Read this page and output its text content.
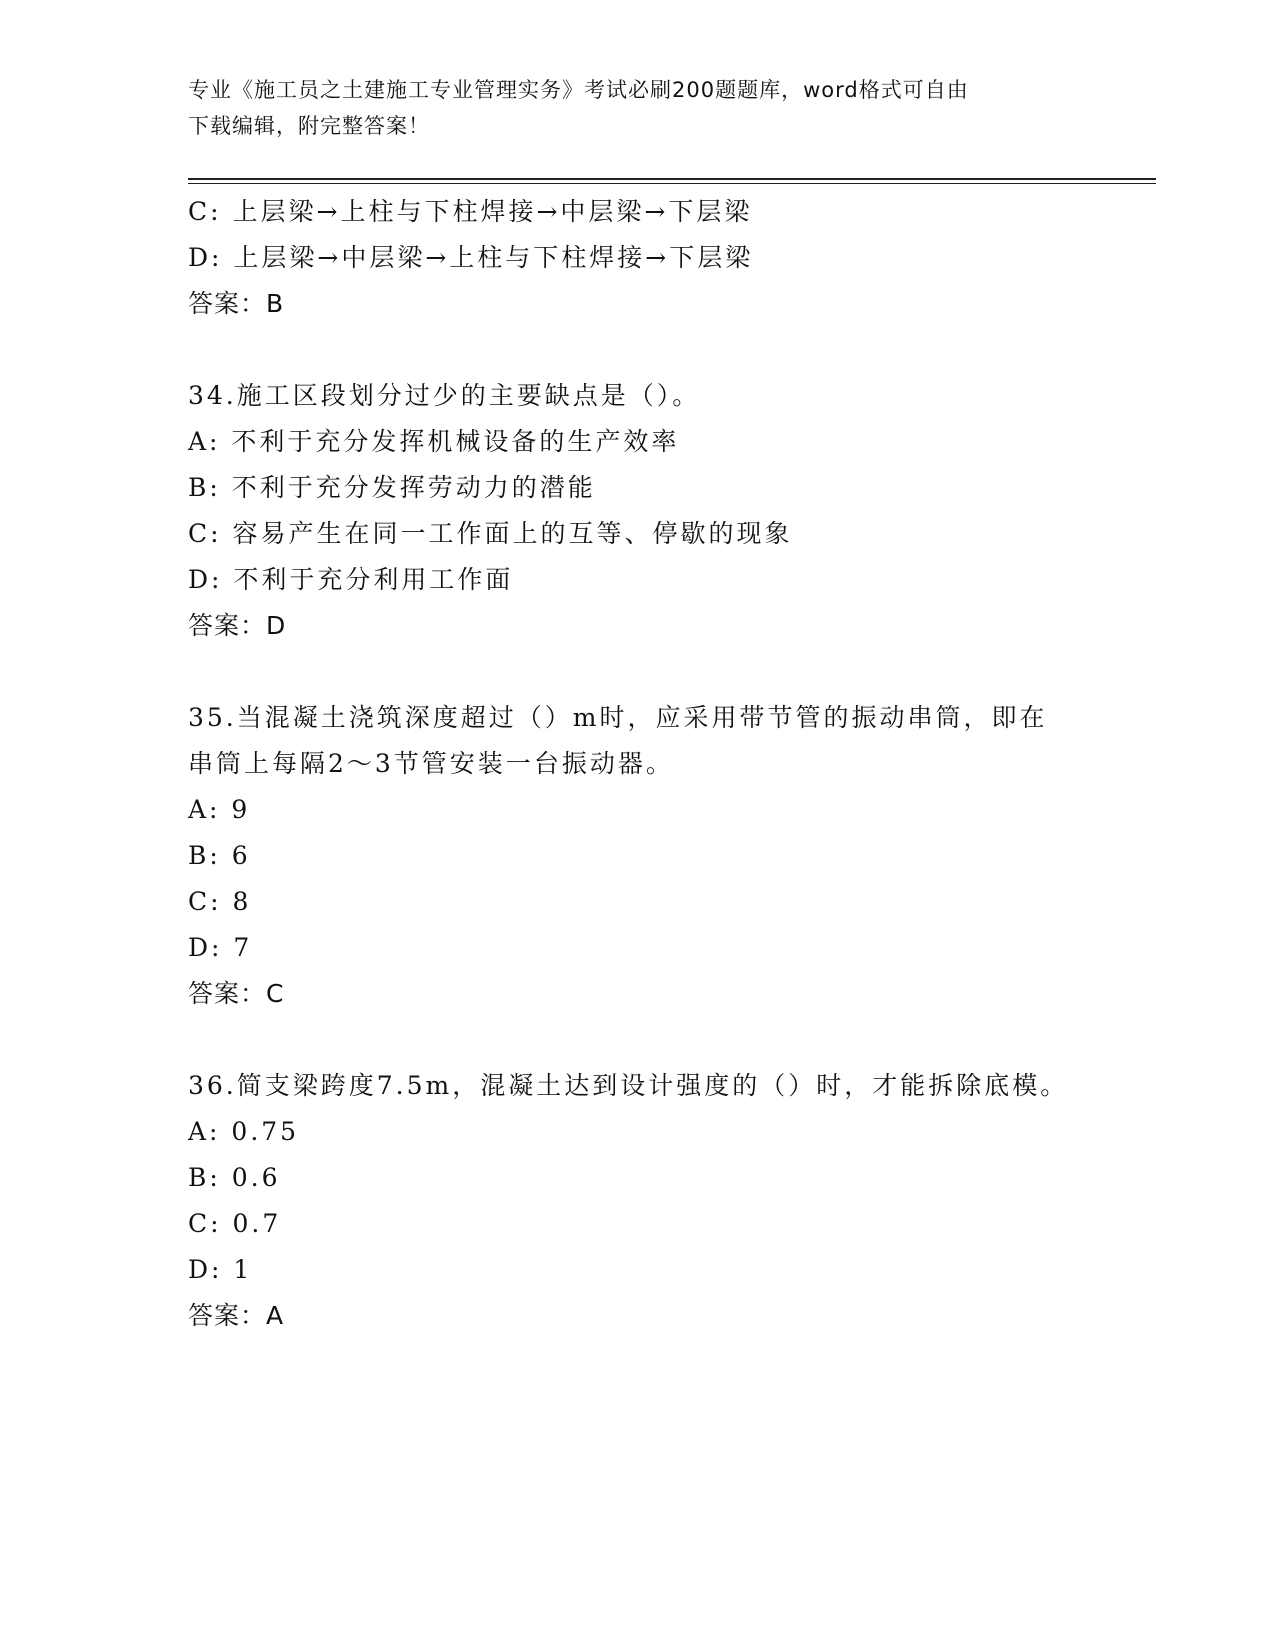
专业《施工员之土建施工专业管理实务》考试必刷200题题库，word格式可自由
下载编辑，附完整答案！
C: 上层梁→上柱与下柱焊接→中层梁→下层梁
D: 上层梁→中层梁→上柱与下柱焊接→下层梁
答案：B
34.施工区段划分过少的主要缺点是（）。
A: 不利于充分发挥机械设备的生产效率
B: 不利于充分发挥劳动力的潜能
C: 容易产生在同一工作面上的互等、停歇的现象
D: 不利于充分利用工作面
答案：D
35.当混凝土浇筑深度超过（）m时，应采用带节管的振动串筒，即在
串筒上每隔2～3节管安装一台振动器。
A: 9
B: 6
C: 8
D: 7
答案：C
36.简支梁跨度7.5m，混凝土达到设计强度的（）时，才能拆除底模。
A: 0.75
B: 0.6
C: 0.7
D: 1
答案：A
